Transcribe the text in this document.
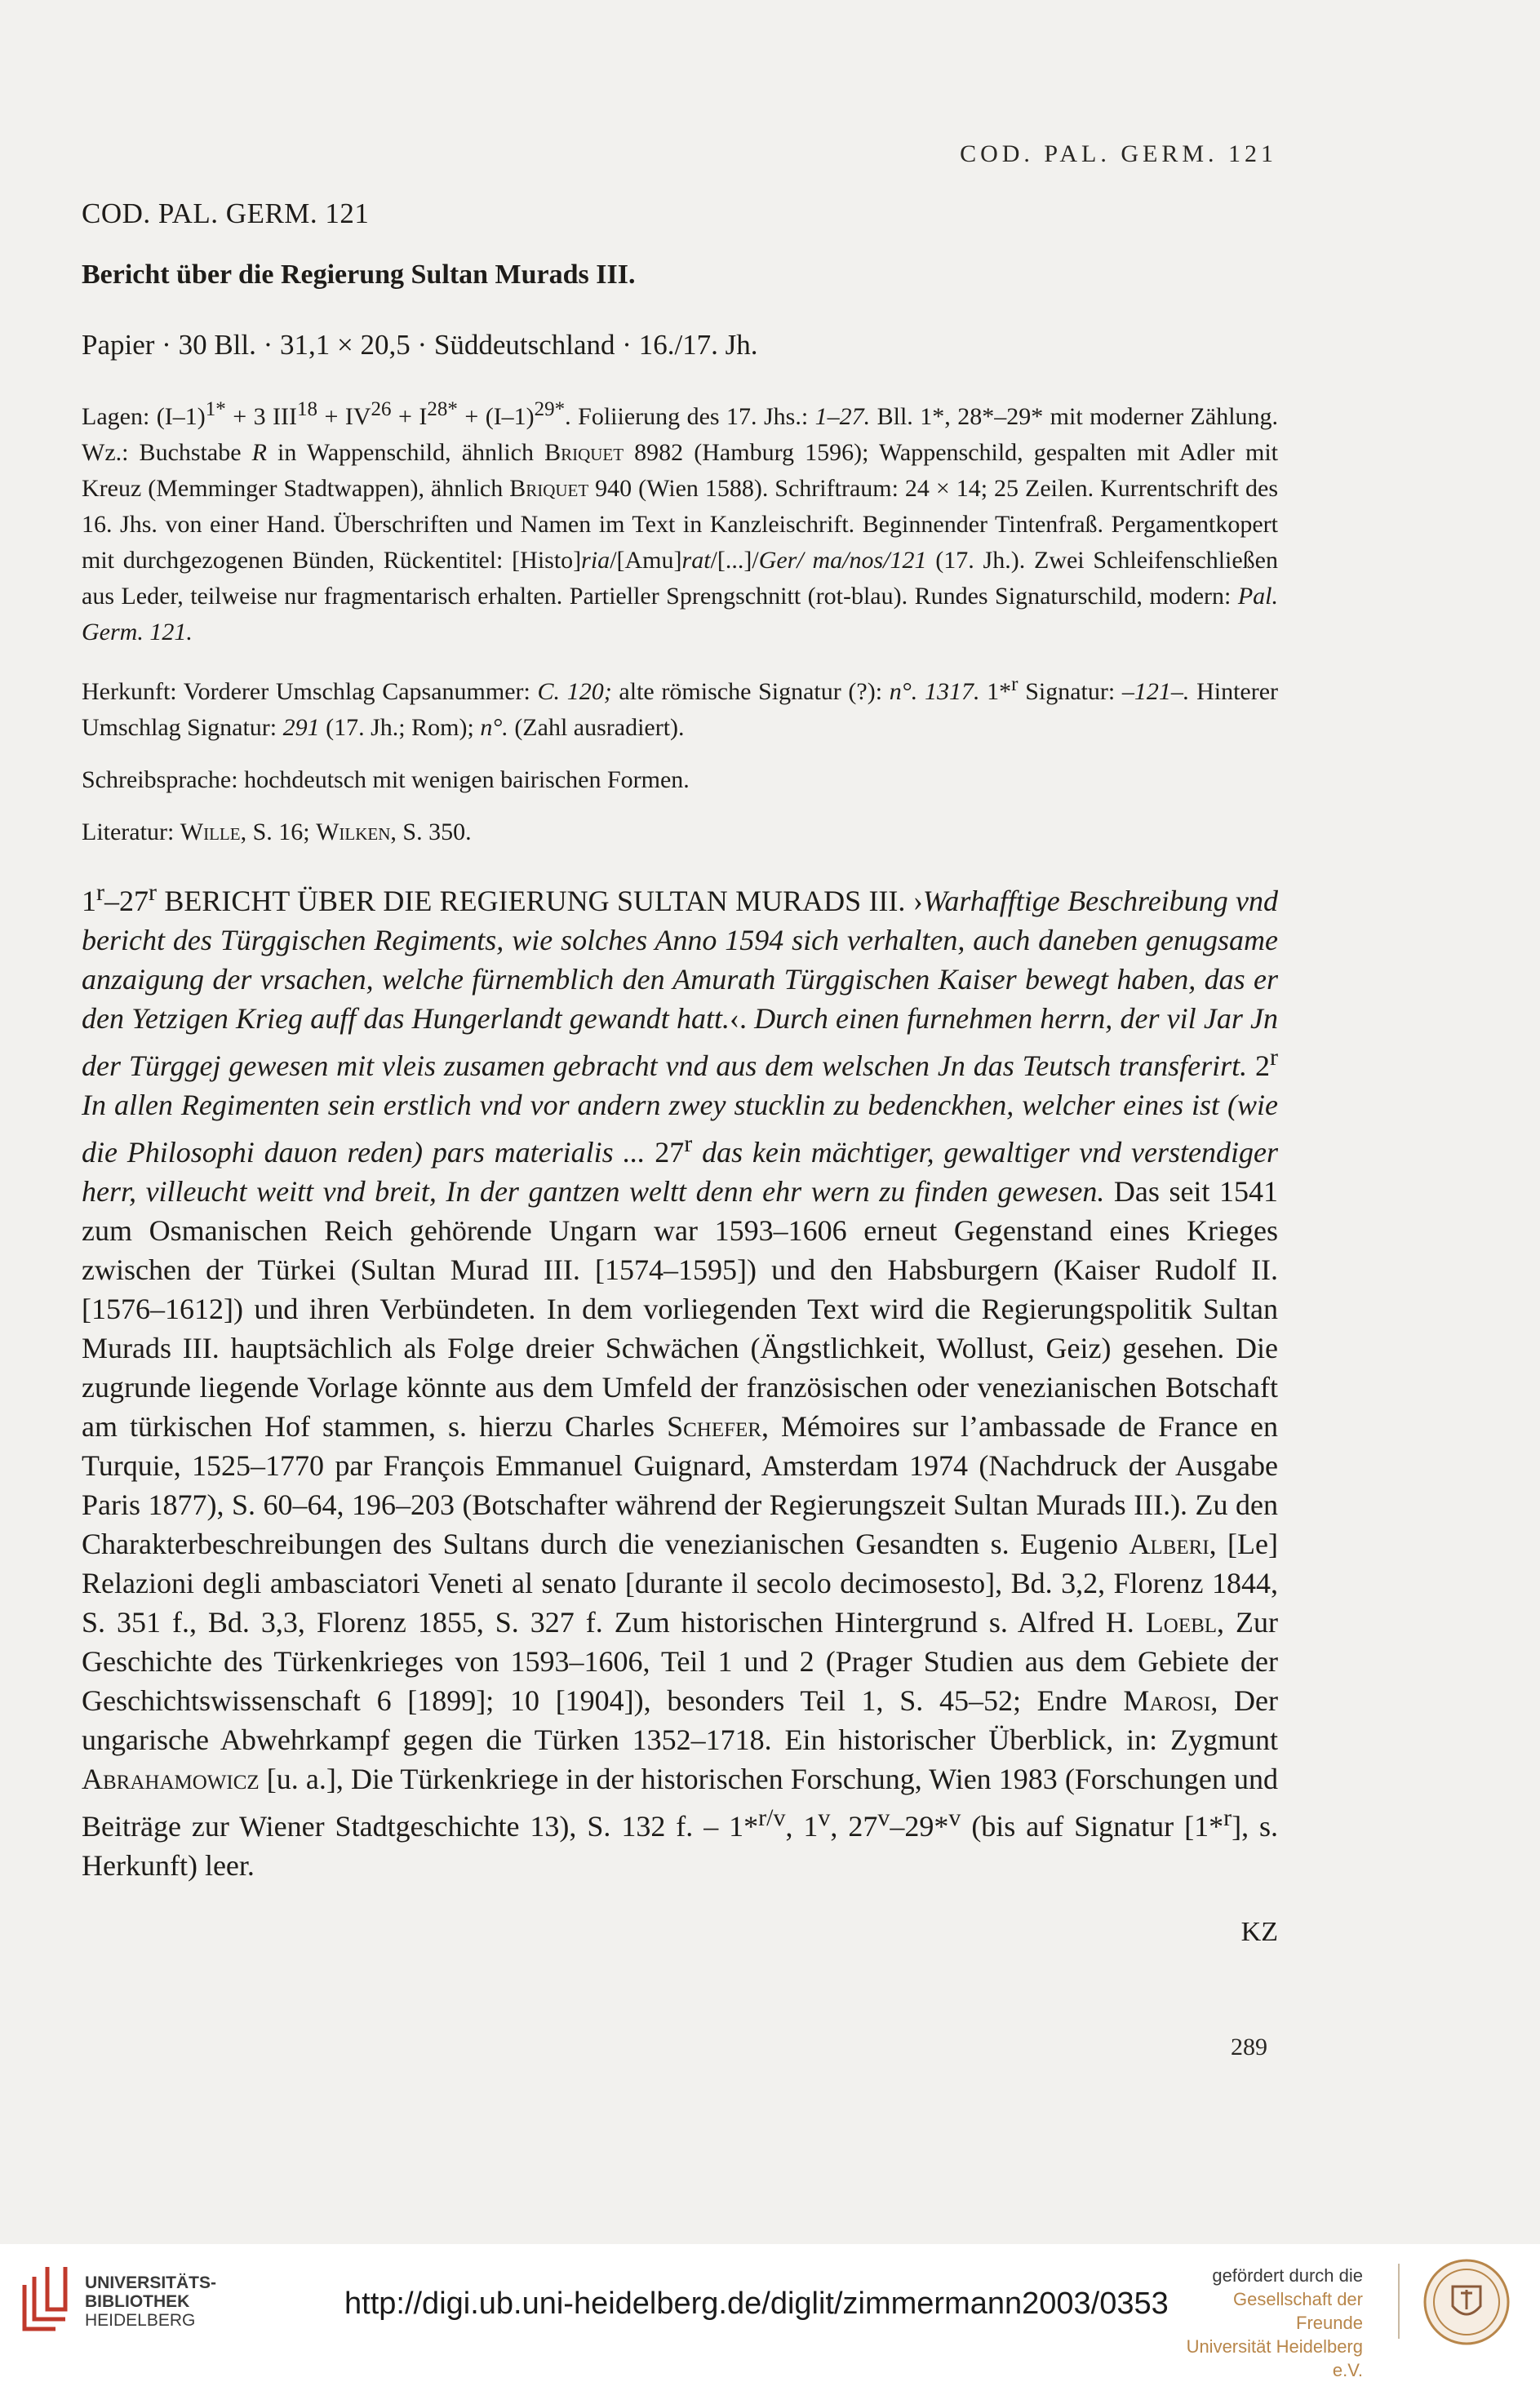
COD. PAL. GERM. 121
COD. PAL. GERM. 121
Bericht über die Regierung Sultan Murads III.
Papier · 30 Bll. · 31,1 × 20,5 · Süddeutschland · 16./17. Jh.

Lagen: $(I-1)^{1*} + 3$ $III^{18} + IV^{26} + I^{28*} + (I-1)^{29*}$. Foliierung des 17. Jhs.: 1–27. Bll. 1*, 28*–29* mit moderner Zählung. Wz.: Buchstabe R in Wappenschild, ähnlich Briquet 8982 (Hamburg 1596); Wappenschild, gespalten mit Adler mit Kreuz (Memminger Stadtwappen), ähnlich Briquet 940 (Wien 1588). Schriftraum: 24 × 14; 25 Zeilen. Kurrentschrift des 16. Jhs. von einer Hand. Überschriften und Namen im Text in Kanzleischrift. Beginnender Tintenfraß. Pergamentkopert mit durchgezogenen Bünden, Rückentitel: [Histo]ria/[Amu]rat/[...]/Ger/ ma/nos/121 (17. Jh.). Zwei Schleifenschließen aus Leder, teilweise nur fragmentarisch erhalten. Partieller Sprengschnitt (rot-blau). Rundes Signaturschild, modern: Pal. Germ. 121.

Herkunft: Vorderer Umschlag Capsanummer: C. 120; alte römische Signatur (?): n°. 1317. 1*$^r$ Signatur: –121–. Hinterer Umschlag Signatur: 291 (17. Jh.; Rom); n°. (Zahl ausradiert).

Schreibsprache: hochdeutsch mit wenigen bairischen Formen.

Literatur: Wille, S. 16; Wilken, S. 350.

1$^r$–27$^r$ BERICHT ÜBER DIE REGIERUNG SULTAN MURADS III. ›Warhafftige Beschreibung vnd bericht des Türggischen Regiments, wie solches Anno 1594 sich verhalten, auch daneben genugsame anzaigung der vrsachen, welche fürnemblich den Amurath Türggischen Kaiser bewegt haben, das er den Yetzigen Krieg auff das Hungerlandt gewandt hatt.‹. Durch einen furnehmen herrn, der vil Jar Jn der Türggej gewesen mit vleis zusamen gebracht vnd aus dem welschen Jn das Teutsch transferirt. 2$^r$ In allen Regimenten sein erstlich vnd vor andern zwey stucklin zu bedenckhen, welcher eines ist (wie die Philosophi dauon reden) pars materialis ... 27$^r$ das kein mächtiger, gewaltiger vnd verstendiger herr, villeucht weitt vnd breit, In der gantzen weltt denn ehr wern zu finden gewesen. Das seit 1541 zum Osmanischen Reich gehörende Ungarn war 1593–1606 erneut Gegenstand eines Krieges zwischen der Türkei (Sultan Murad III. [1574–1595]) und den Habsburgern (Kaiser Rudolf II. [1576–1612]) und ihren Verbündeten. In dem vorliegenden Text wird die Regierungspolitik Sultan Murads III. hauptsächlich als Folge dreier Schwächen (Ängstlichkeit, Wollust, Geiz) gesehen. Die zugrunde liegende Vorlage könnte aus dem Umfeld der französischen oder venezianischen Botschaft am türkischen Hof stammen, s. hierzu Charles Schefer, Mémoires sur l’ambassade de France en Turquie, 1525–1770 par François Emmanuel Guignard, Amsterdam 1974 (Nachdruck der Ausgabe Paris 1877), S. 60–64, 196–203 (Botschafter während der Regierungszeit Sultan Murads III.). Zu den Charakterbeschreibungen des Sultans durch die venezianischen Gesandten s. Eugenio Alberi, [Le] Relazioni degli ambasciatori Veneti al senato [durante il secolo decimosesto], Bd. 3,2, Florenz 1844, S. 351 f., Bd. 3,3, Florenz 1855, S. 327 f. Zum historischen Hintergrund s. Alfred H. Loebl, Zur Geschichte des Türkenkrieges von 1593–1606, Teil 1 und 2 (Prager Studien aus dem Gebiete der Geschichtswissenschaft 6 [1899]; 10 [1904]), besonders Teil 1, S. 45–52; Endre Marosi, Der ungarische Abwehrkampf gegen die Türken 1352–1718. Ein historischer Überblick, in: Zygmunt Abrahamowicz [u. a.], Die Türkenkriege in der historischen Forschung, Wien 1983 (Forschungen und Beiträge zur Wiener Stadtgeschichte 13), S. 132 f. – 1*$^{r/v}$, 1$^v$, 27$^v$–29*$^v$ (bis auf Signatur [1*$^r$], s. Herkunft) leer.

KZ
289
UNIVERSITÄTS-
BIBLIOTHEK
HEIDELBERG	http://digi.ub.uni-heidelberg.de/diglit/zimmermann2003/0353
gefördert durch die
Gesellschaft der Freunde
Universität Heidelberg e.V.
